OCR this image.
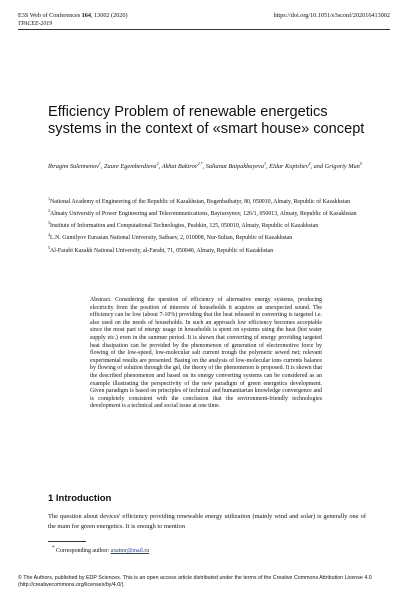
E3S Web of Conferences 164, 13002 (2020)	https://doi.org/10.1051/e3sconf/202016413002
TPACEE-2019
Efficiency Problem of renewable energetics systems in the context of «smart house» concept
Ibragim Suleimenov$^1$, Zaure Egemberdieva$^2$, Akhat Bakirov$^{2,*}$, Saltanat Baipakbayeva$^3$, Eldar Kopishev$^4$, and Grigoriy Mun$^5$

$^1$National Academy of Engineering of the Republic of Kazakhstan, Bogenbaibatyr, 80, 050010, Almaty, Republic of Kazakhstan

$^2$Almaty University of Power Engineering and Telecommunications, Baytursynov, 126/1, 050013, Almaty, Republic of Kazakhstan

$^3$Institute of Information and Computational Technologies, Pushkin, 125, 050010, Almaty, Republic of Kazakhstan

$^4$L.N. Gumilyov Eurasian National University, Satbaev, 2, 010008, Nur-Sultan, Republic of Kazakhstan

$^5$Al-Farabi Kazakh National University, al-Farabi, 71, 050040, Almaty, Republic of Kazakhstan

Abstract. Considering the question of efficiency of alternative energy systems, producing electricity from the position of interests of households it acquires an unexpected sound. The efficiency can be low (about 7-10%) providing that the heat released in converting is targeted i.e. also used on the needs of households. In such an approach low efficiency becomes acceptable since the most part of energy usage in households is spent on systems using the heat (hot water supply etc.) even in the summer period. It is shown that converting of energy providing targeted heat dissipation can be provided by the phenomenon of generation of electromotive force by flowing of the low-speed, low-molecular salt current trough the polymeric sewed net; relevant experimental results are presented. Basing on the analysis of low-molecular ions currents balance by flowing of solution through the gel, the theory of the phenomenon is proposed. It is shown that the described phenomenon and based on its energy converting systems can be considered as an example illustrating the perspectivity of the new paradigm of green energetics development. Given paradigm is based on principles of technical and humanitarian knowledge convergence and is completely consistent with the conclusion that the environment-friendly technologies development is a technical and social issue at one time.
1 Introduction
The question about devices' efficiency providing renewable energy utilization (mainly wind and solar) is generally one of the main for green energetics. It is enough to mention
* Corresponding author: axatmr@mail.ru
© The Authors, published by EDP Sciences. This is an open access article distributed under the terms of the Creative Commons Attribution License 4.0 (http://creativecommons.org/licenses/by/4.0/).
